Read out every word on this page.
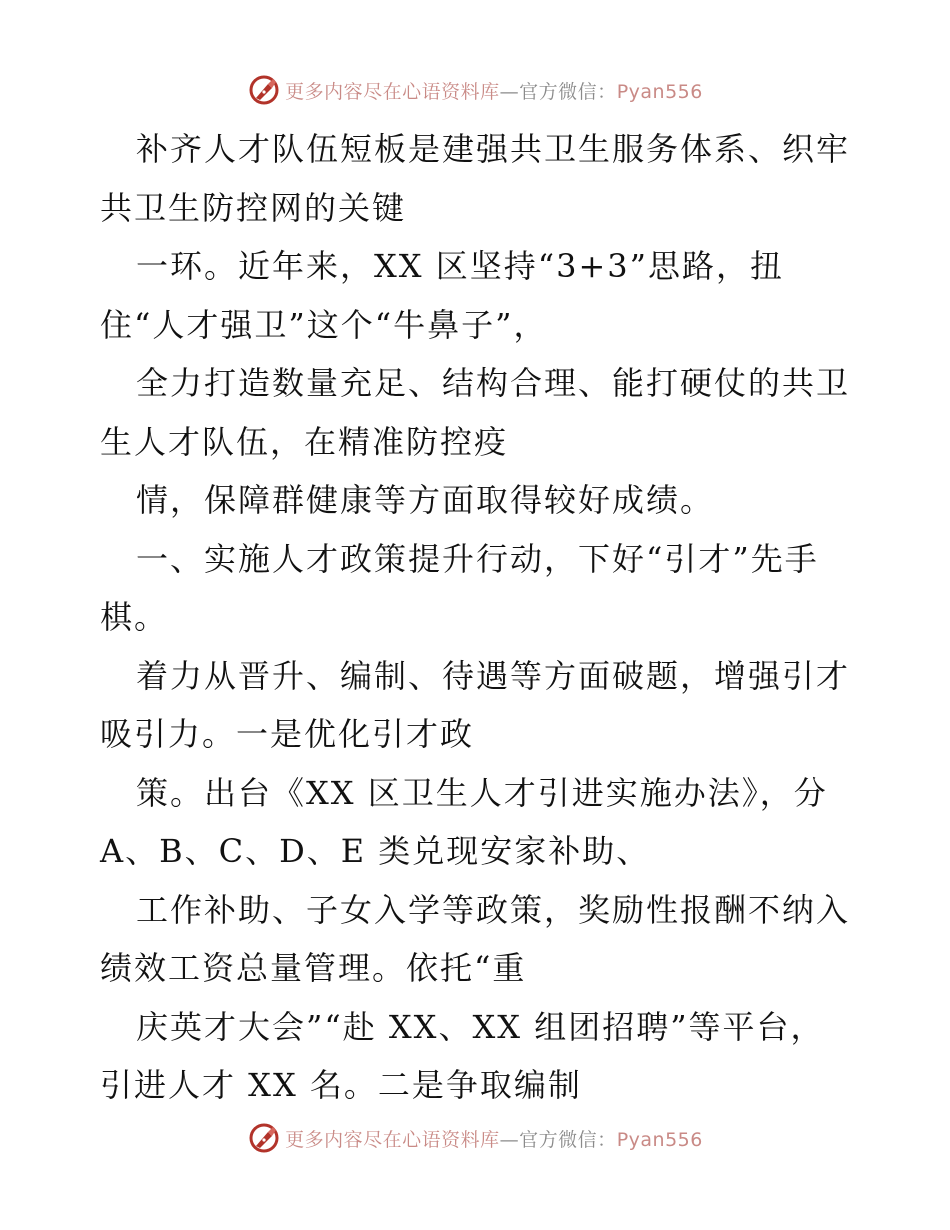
更多内容尽在心语资料库—官方微信：Pyan556
补齐人才队伍短板是建强共卫生服务体系、织牢
共卫生防控网的关键
一环。近年来，XX 区坚持“3+3”思路，扭
住“人才强卫”这个“牛鼻子”，
全力打造数量充足、结构合理、能打硬仗的共卫
生人才队伍，在精准防控疫
情，保障群健康等方面取得较好成绩。
一、实施人才政策提升行动，下好“引才”先手
棋。
着力从晋升、编制、待遇等方面破题，增强引才
吸引力。一是优化引才政
策。出台《XX 区卫生人才引进实施办法》，分
A、B、C、D、E 类兑现安家补助、
工作补助、子女入学等政策，奖励性报酬不纳入
绩效工资总量管理。依托“重
庆英才大会”“赴 XX、XX 组团招聘”等平台，
引进人才 XX 名。二是争取编制
更多内容尽在心语资料库—官方微信：Pyan556
